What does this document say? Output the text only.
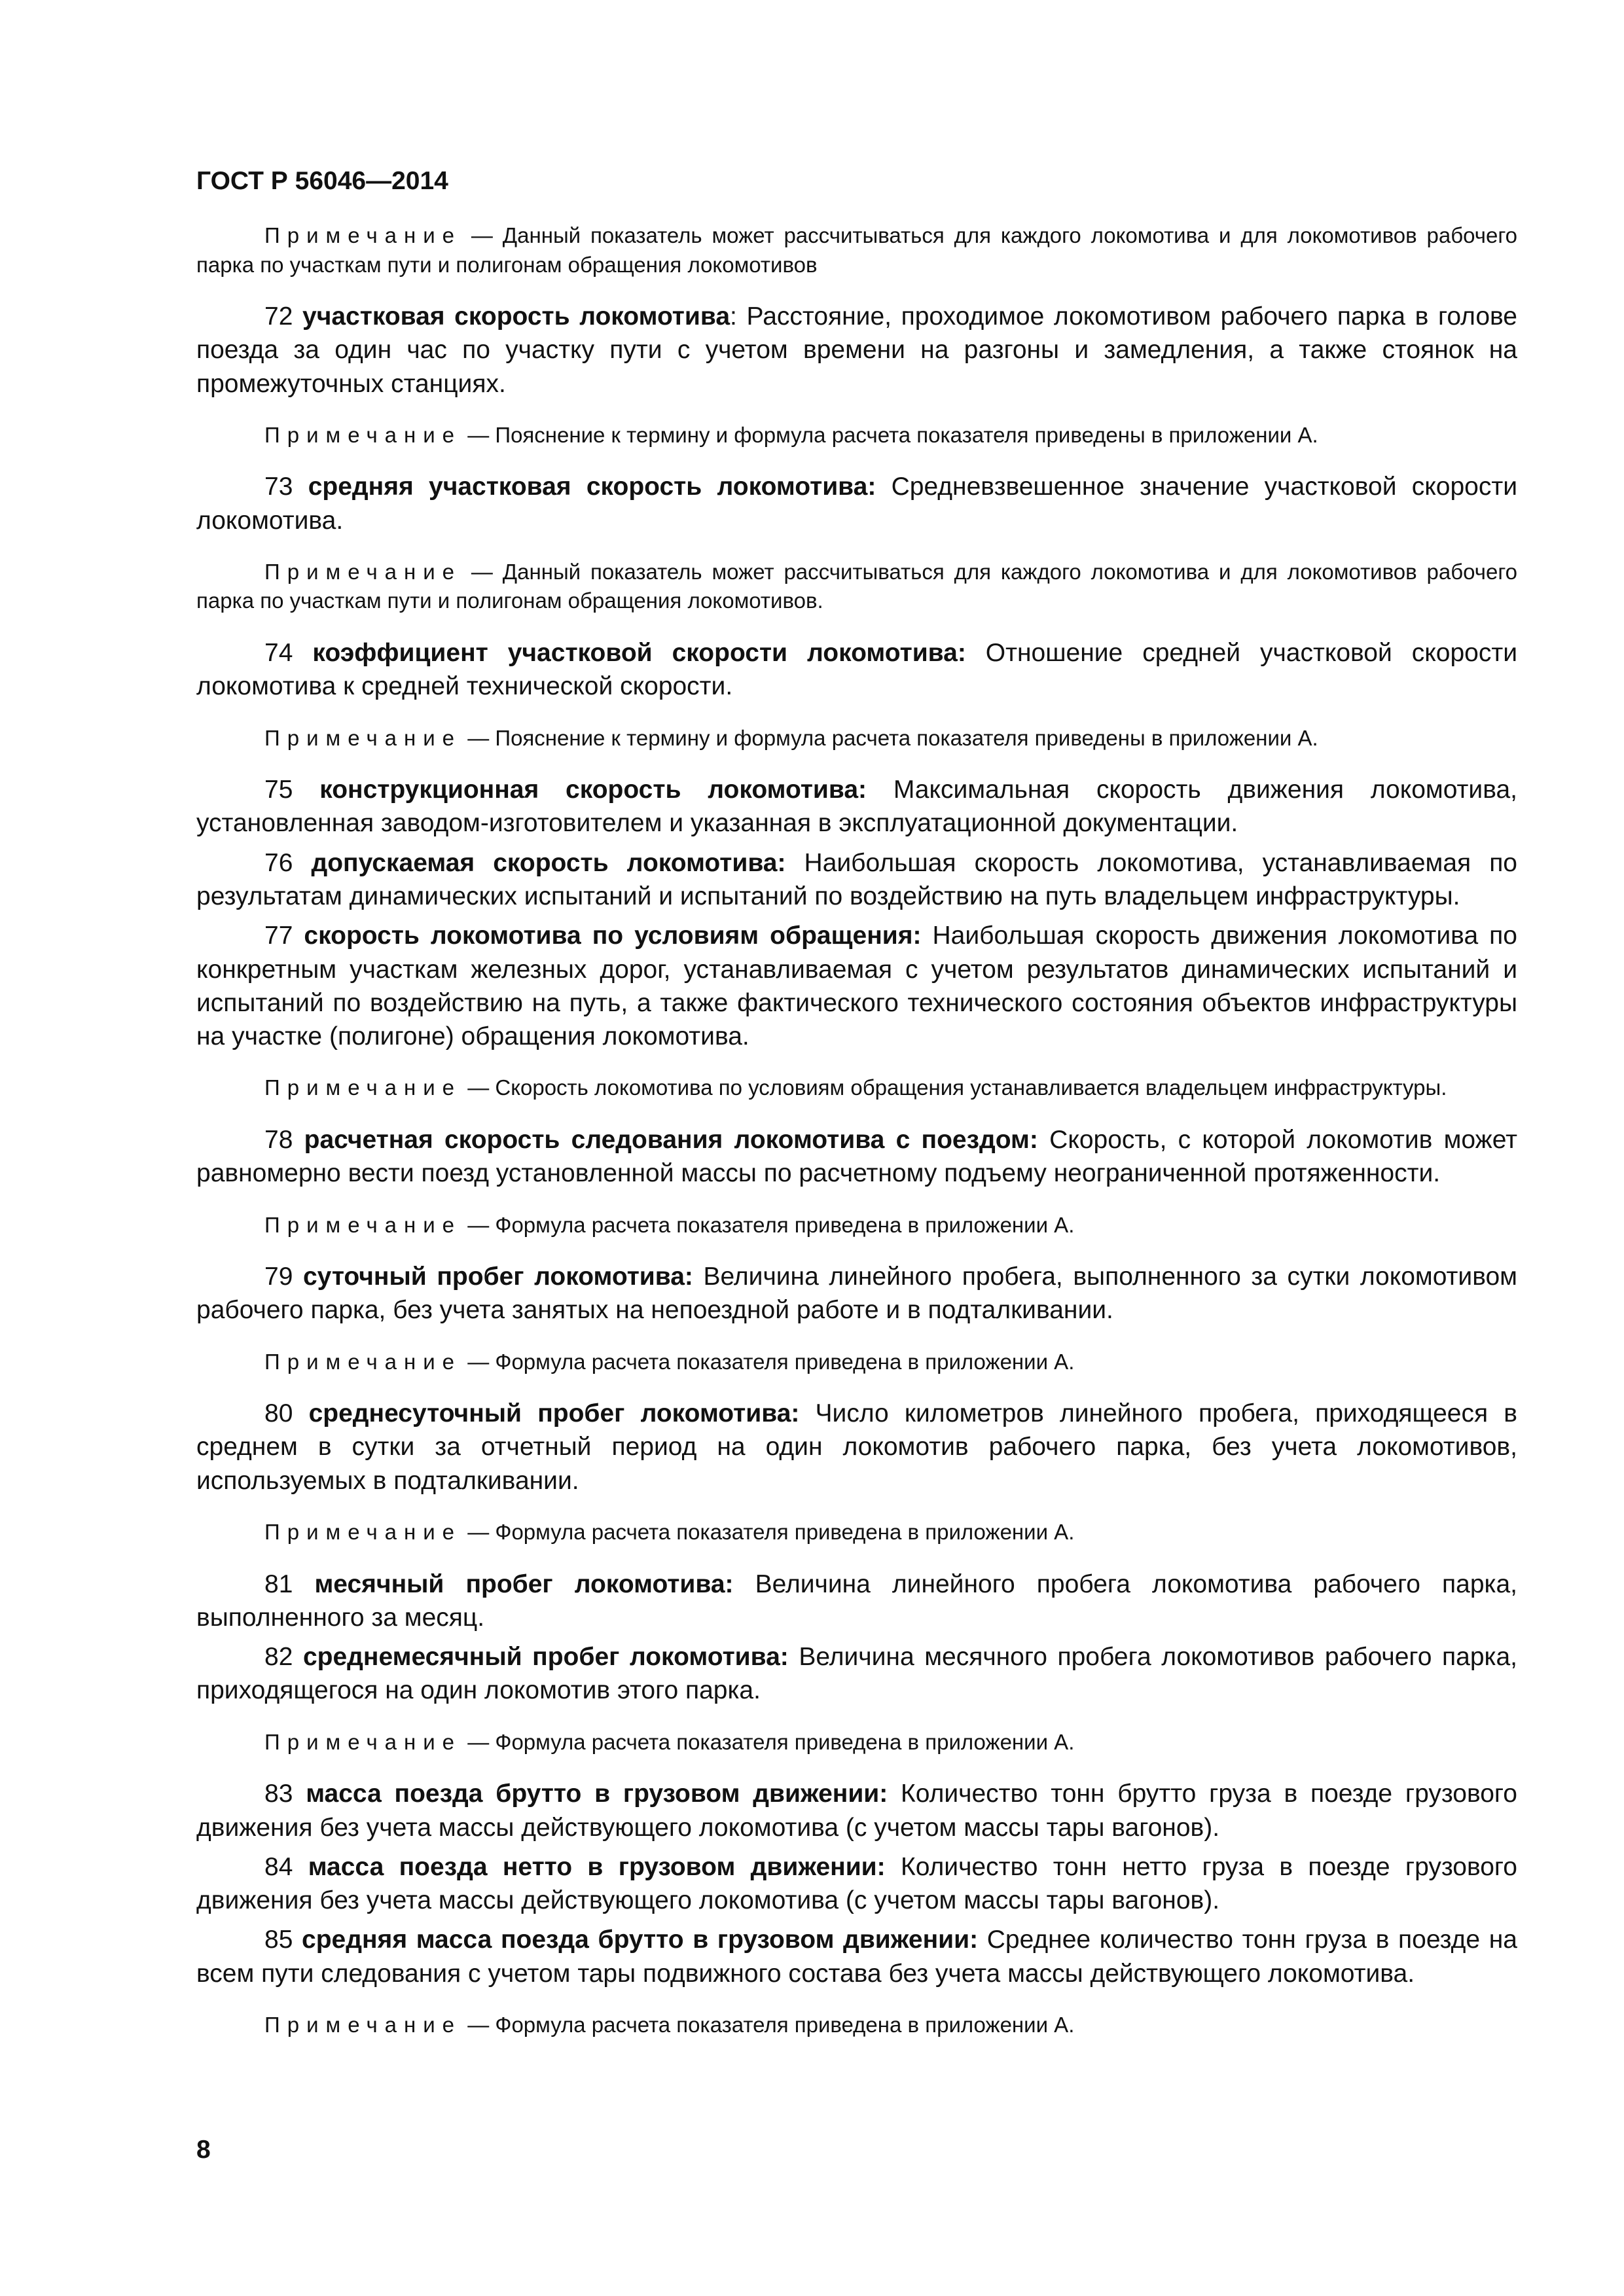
ГОСТ Р 56046—2014

Примечание — Данный показатель может рассчитываться для каждого локомотива и для локомотивов рабочего парка по участкам пути и полигонам обращения локомотивов

72 участковая скорость локомотива: Расстояние, проходимое локомотивом рабочего парка в голове поезда за один час по участку пути с учетом времени на разгоны и замедления, а также стоянок на промежуточных станциях.

Примечание — Пояснение к термину и формула расчета показателя приведены в приложении А.

73 средняя участковая скорость локомотива: Средневзвешенное значение участковой скорости локомотива.

Примечание — Данный показатель может рассчитываться для каждого локомотива и для локомотивов рабочего парка по участкам пути и полигонам обращения локомотивов.

74 коэффициент участковой скорости локомотива: Отношение средней участковой скорости локомотива к средней технической скорости.

Примечание — Пояснение к термину и формула расчета показателя приведены в приложении А.

75 конструкционная скорость локомотива: Максимальная скорость движения локомотива, установленная заводом-изготовителем и указанная в эксплуатационной документации.

76 допускаемая скорость локомотива: Наибольшая скорость локомотива, устанавливаемая по результатам динамических испытаний и испытаний по воздействию на путь владельцем инфраструктуры.

77 скорость локомотива по условиям обращения: Наибольшая скорость движения локомотива по конкретным участкам железных дорог, устанавливаемая с учетом результатов динамических испытаний и испытаний по воздействию на путь, а также фактического технического состояния объектов инфраструктуры на участке (полигоне) обращения локомотива.

Примечание — Скорость локомотива по условиям обращения устанавливается владельцем инфраструктуры.

78 расчетная скорость следования локомотива с поездом: Скорость, с которой локомотив может равномерно вести поезд установленной массы по расчетному подъему неограниченной протяженности.

Примечание — Формула расчета показателя приведена в приложении А.

79 суточный пробег локомотива: Величина линейного пробега, выполненного за сутки локомотивом рабочего парка, без учета занятых на непоездной работе и в подталкивании.

Примечание — Формула расчета показателя приведена в приложении А.

80 среднесуточный пробег локомотива: Число километров линейного пробега, приходящееся в среднем в сутки за отчетный период на один локомотив рабочего парка, без учета локомотивов, используемых в подталкивании.

Примечание — Формула расчета показателя приведена в приложении А.

81 месячный пробег локомотива: Величина линейного пробега локомотива рабочего парка, выполненного за месяц.

82 среднемесячный пробег локомотива: Величина месячного пробега локомотивов рабочего парка, приходящегося на один локомотив этого парка.

Примечание — Формула расчета показателя приведена в приложении А.

83 масса поезда брутто в грузовом движении: Количество тонн брутто груза в поезде грузового движения без учета массы действующего локомотива (с учетом массы тары вагонов).

84 масса поезда нетто в грузовом движении: Количество тонн нетто груза в поезде грузового движения без учета массы действующего локомотива (с учетом массы тары вагонов).

85 средняя масса поезда брутто в грузовом движении: Среднее количество тонн груза в поезде на всем пути следования с учетом тары подвижного состава без учета массы действующего локомотива.

Примечание — Формула расчета показателя приведена в приложении А.

8
